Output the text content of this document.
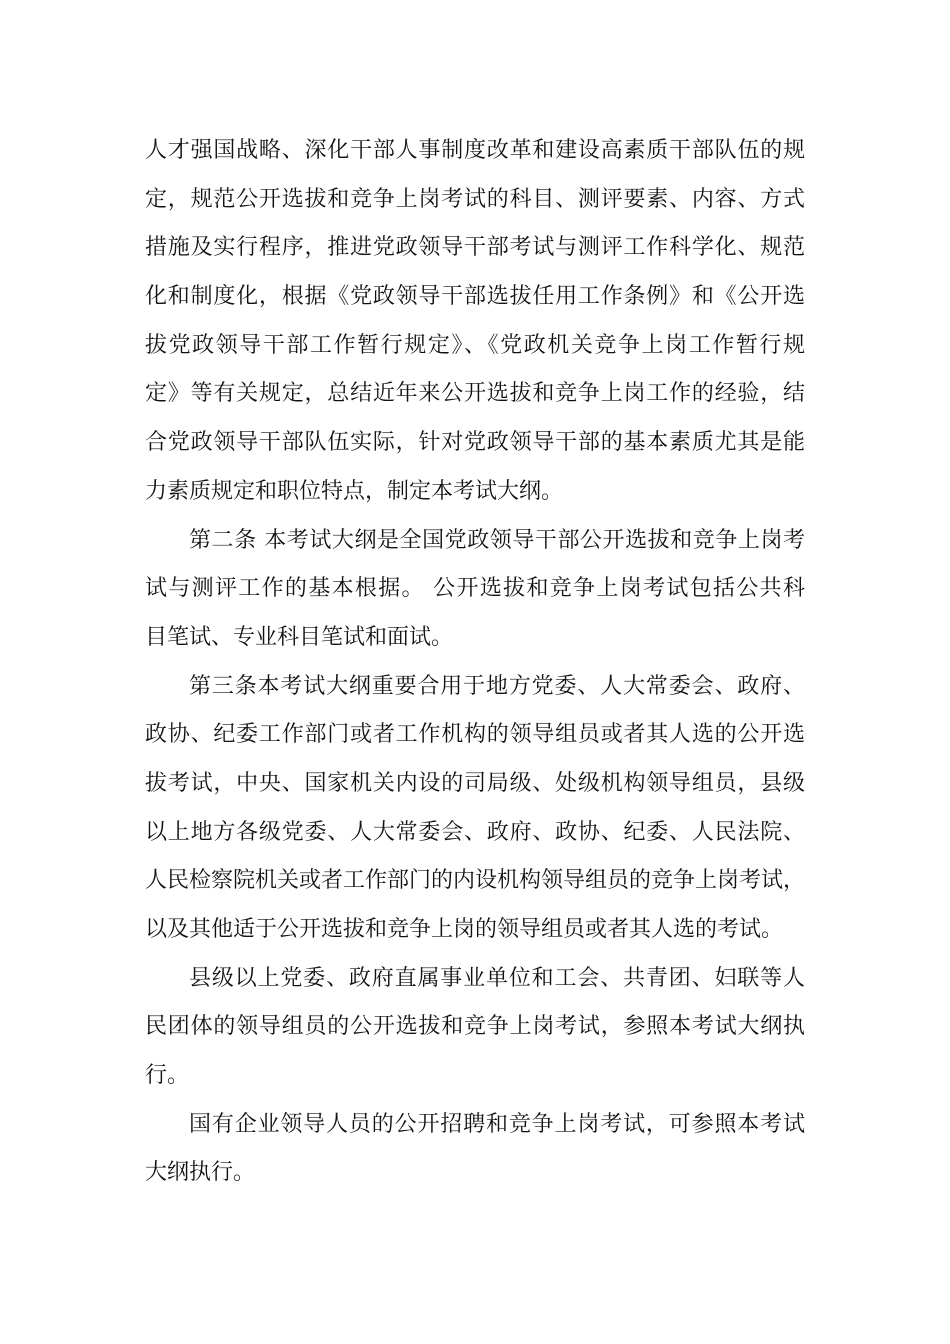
人才强国战略、深化干部人事制度改革和建设高素质干部队伍的规
定，规范公开选拔和竞争上岗考试的科目、测评要素、内容、方式
措施及实行程序，推进党政领导干部考试与测评工作科学化、规范
化和制度化，根据《党政领导干部选拔任用工作条例》和《公开选
拔党政领导干部工作暂行规定》、《党政机关竞争上岗工作暂行规
定》等有关规定，总结近年来公开选拔和竞争上岗工作的经验，结
合党政领导干部队伍实际，针对党政领导干部的基本素质尤其是能
力素质规定和职位特点，制定本考试大纲。
第二条 本考试大纲是全国党政领导干部公开选拔和竞争上岗考
试与测评工作的基本根据。 公开选拔和竞争上岗考试包括公共科
目笔试、专业科目笔试和面试。
第三条本考试大纲重要合用于地方党委、人大常委会、政府、
政协、纪委工作部门或者工作机构的领导组员或者其人选的公开选
拔考试，中央、国家机关内设的司局级、处级机构领导组员，县级
以上地方各级党委、人大常委会、政府、政协、纪委、人民法院、
人民检察院机关或者工作部门的内设机构领导组员的竞争上岗考试，
以及其他适于公开选拔和竞争上岗的领导组员或者其人选的考试。
县级以上党委、政府直属事业单位和工会、共青团、妇联等人
民团体的领导组员的公开选拔和竞争上岗考试，参照本考试大纲执
行。
国有企业领导人员的公开招聘和竞争上岗考试，可参照本考试
大纲执行。
